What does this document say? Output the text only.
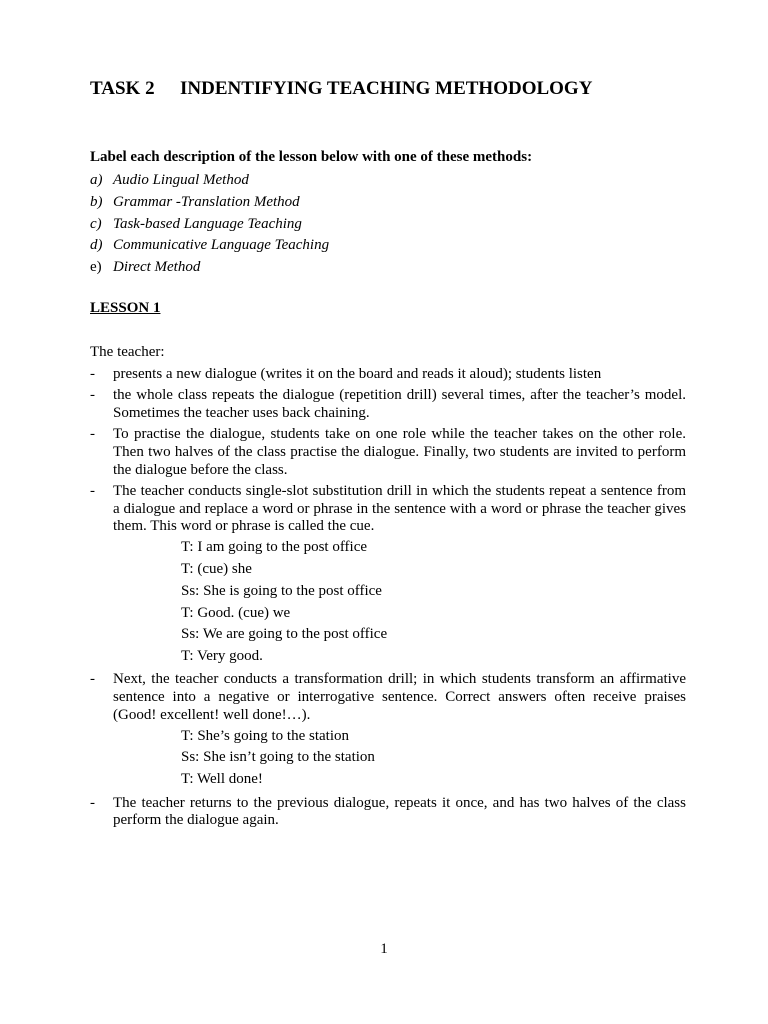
TASK 2 INDENTIFYING TEACHING METHODOLOGY
Label each description of the lesson below with one of these methods:
a) Audio Lingual Method
b) Grammar -Translation Method
c) Task-based Language Teaching
d) Communicative Language Teaching
e) Direct Method
LESSON 1
The teacher:
- presents a new dialogue (writes it on the board and reads it aloud); students listen
- the whole class repeats the dialogue (repetition drill) several times, after the teacher’s model. Sometimes the teacher uses back chaining.
- To practise the dialogue, students take on one role while the teacher takes on the other role. Then two halves of the class practise the dialogue. Finally, two students are invited to perform the dialogue before the class.
- The teacher conducts single-slot substitution drill in which the students repeat a sentence from a dialogue and replace a word or phrase in the sentence with a word or phrase the teacher gives them. This word or phrase is called the cue.
T: I am going to the post office
T: (cue) she
Ss: She is going to the post office
T: Good. (cue) we
Ss: We are going to the post office
T: Very good.
- Next, the teacher conducts a transformation drill; in which students transform an affirmative sentence into a negative or interrogative sentence. Correct answers often receive praises (Good! excellent! well done!…).
T: She’s going to the station
Ss: She isn’t going to the station
T: Well done!
- The teacher returns to the previous dialogue, repeats it once, and has two halves of the class perform the dialogue again.
1
